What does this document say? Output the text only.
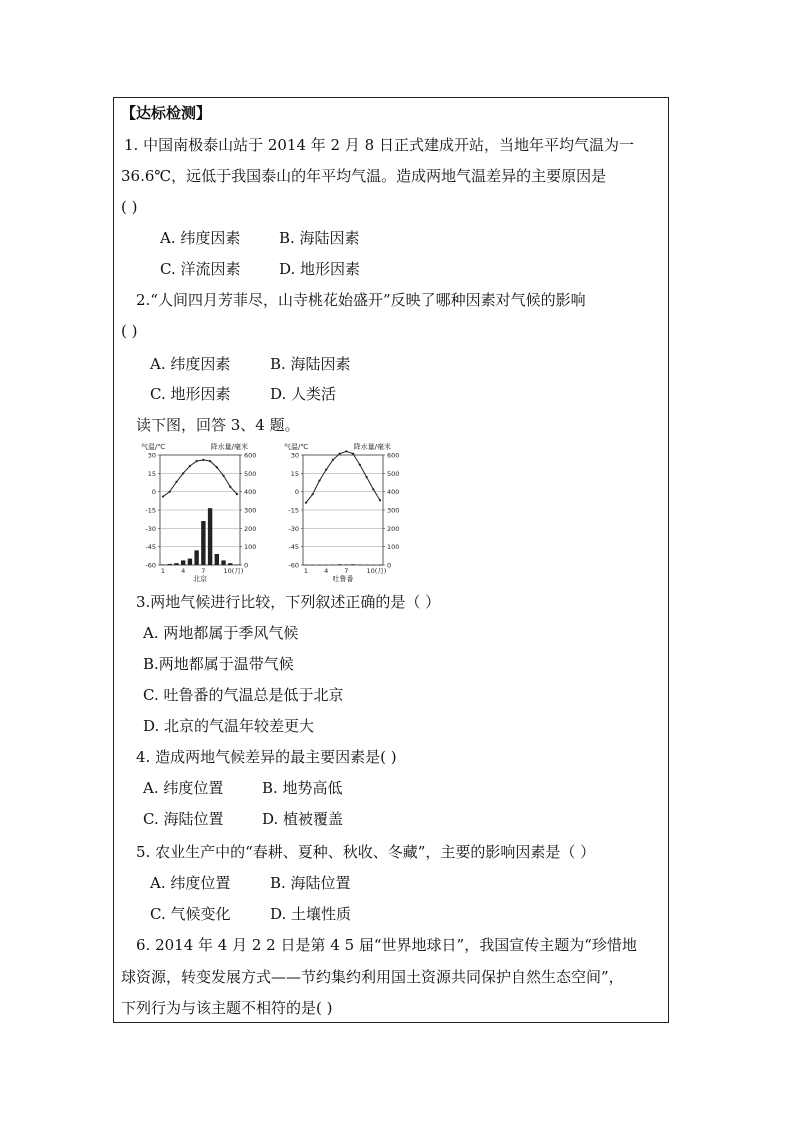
【达标检测】
1. 中国南极泰山站于 2014 年 2 月 8 日正式建成开站，当地年平均气温为一
36.6℃，远低于我国泰山的年平均气温。造成两地气温差异的主要原因是
( )
A. 纬度因素	B. 海陆因素
C. 洋流因素	D. 地形因素
2.“人间四月芳菲尽，山寺桃花始盛开”反映了哪种因素对气候的影响
( )
A. 纬度因素	B. 海陆因素
C. 地形因素	D. 人类活
读下图，回答 3、4 题。
气温/℃	降水量/毫米
30	600
15	500
0	400
-15	300
-30	200
-45	100
-60	0
1 4 7	10(月)
北京
气温/℃	降水量/毫米
30	600
15	500
0	400
-15	300
-30	200
-45	100
-60	0
1 4 7	10(月)
吐鲁番
3.两地气候进行比较，下列叙述正确的是（ ）
A. 两地都属于季风气候
B.两地都属于温带气候
C. 吐鲁番的气温总是低于北京
D. 北京的气温年较差更大
4. 造成两地气候差异的最主要因素是( )
A. 纬度位置	B. 地势高低
C. 海陆位置	D. 植被覆盖
5. 农业生产中的“春耕、夏种、秋收、冬藏”，主要的影响因素是（ ）
A. 纬度位置	B. 海陆位置
C. 气候变化	D. 土壤性质
6. 2014 年 4 月 2 2 日是第 4 5 届“世界地球日”，我国宣传主题为“珍惜地
球资源，转变发展方式——节约集约利用国土资源共同保护自然生态空间”，
下列行为与该主题不相符的是( )
